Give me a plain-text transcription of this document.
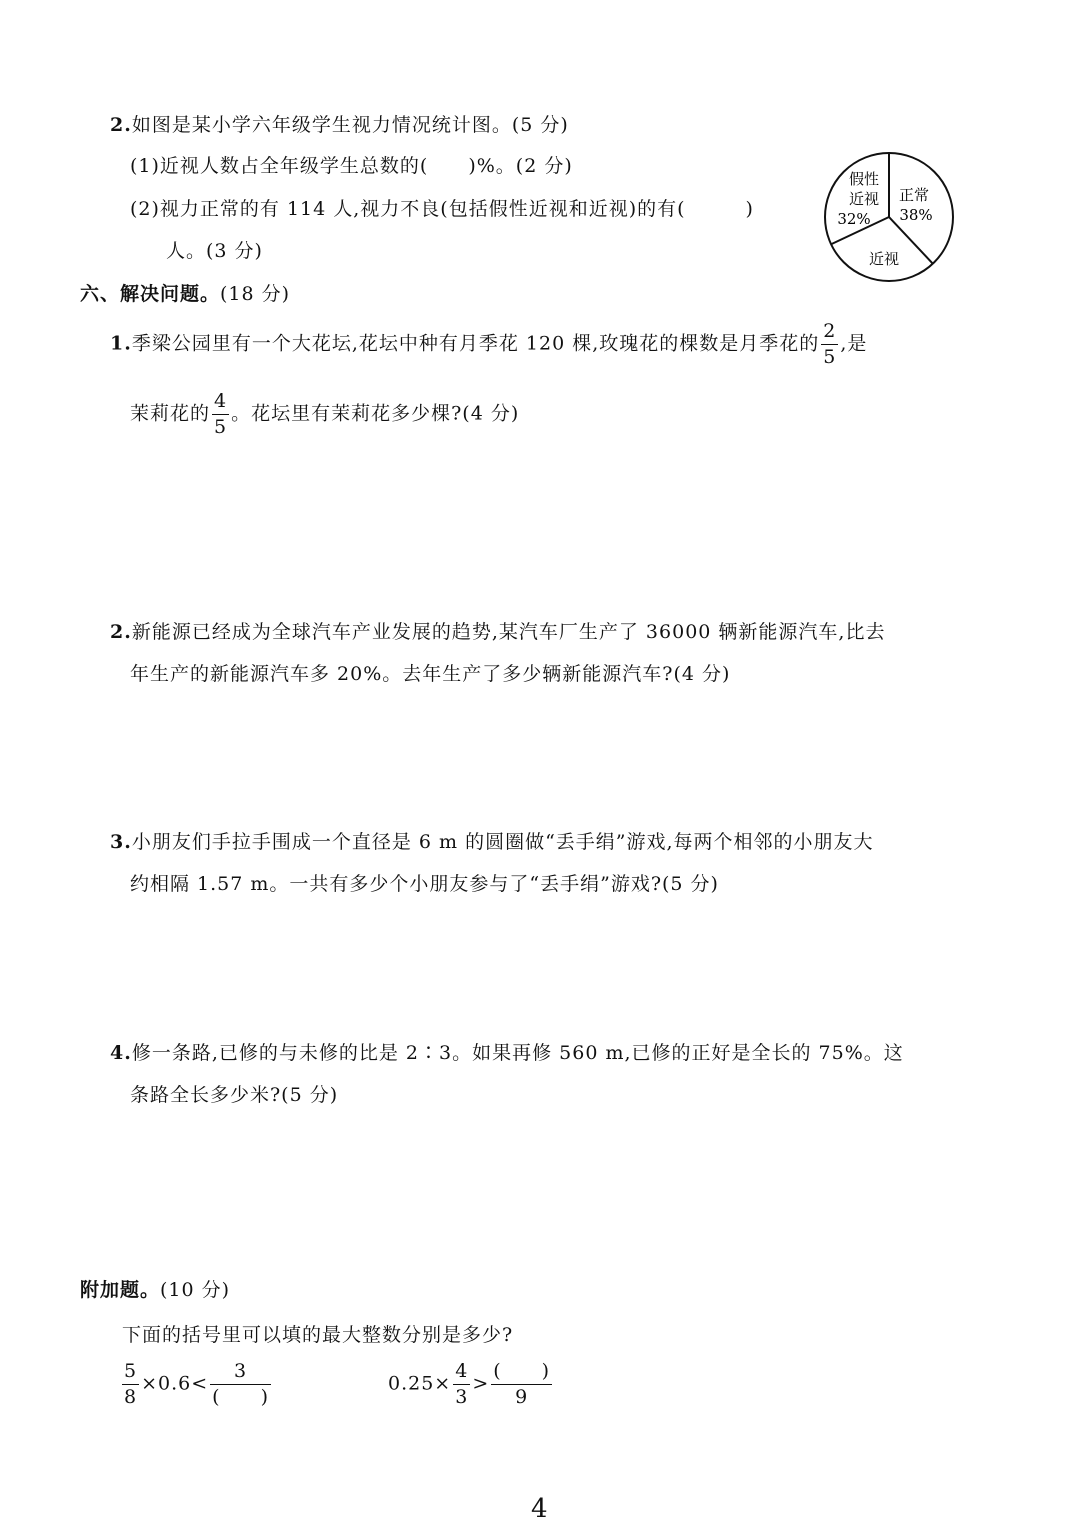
2.如图是某小学六年级学生视力情况统计图。(5 分)
(1)近视人数占全年级学生总数的(　　)%。(2 分)
(2)视力正常的有 114 人,视力不良(包括假性近视和近视)的有(　　　)
人。(3 分)
正常
38%
假性
近视
32%
近视
六、解决问题。(18 分)
1.季梁公园里有一个大花坛,花坛中种有月季花 120 棵,玫瑰花的棵数是月季花的 $\frac{2}{5}$ ,是
茉莉花的 $\frac{4}{5}$ 。花坛里有茉莉花多少棵?(4 分)
2.新能源已经成为全球汽车产业发展的趋势,某汽车厂生产了 36000 辆新能源汽车,比去
年生产的新能源汽车多 20%。去年生产了多少辆新能源汽车?(4 分)
3.小朋友们手拉手围成一个直径是 6 m 的圆圈做“丢手绢”游戏,每两个相邻的小朋友大
约相隔 1.57 m。一共有多少个小朋友参与了“丢手绢”游戏?(5 分)
4.修一条路,已修的与未修的比是 2∶3。如果再修 560 m,已修的正好是全长的 75%。这
条路全长多少米?(5 分)
附加题。(10 分)
下面的括号里可以填的最大整数分别是多少?
$\frac{5}{8} \times 0.6< \frac{3}{( )}$	$0.25\times \frac{4}{3} > \frac{( )}{9}$
4
